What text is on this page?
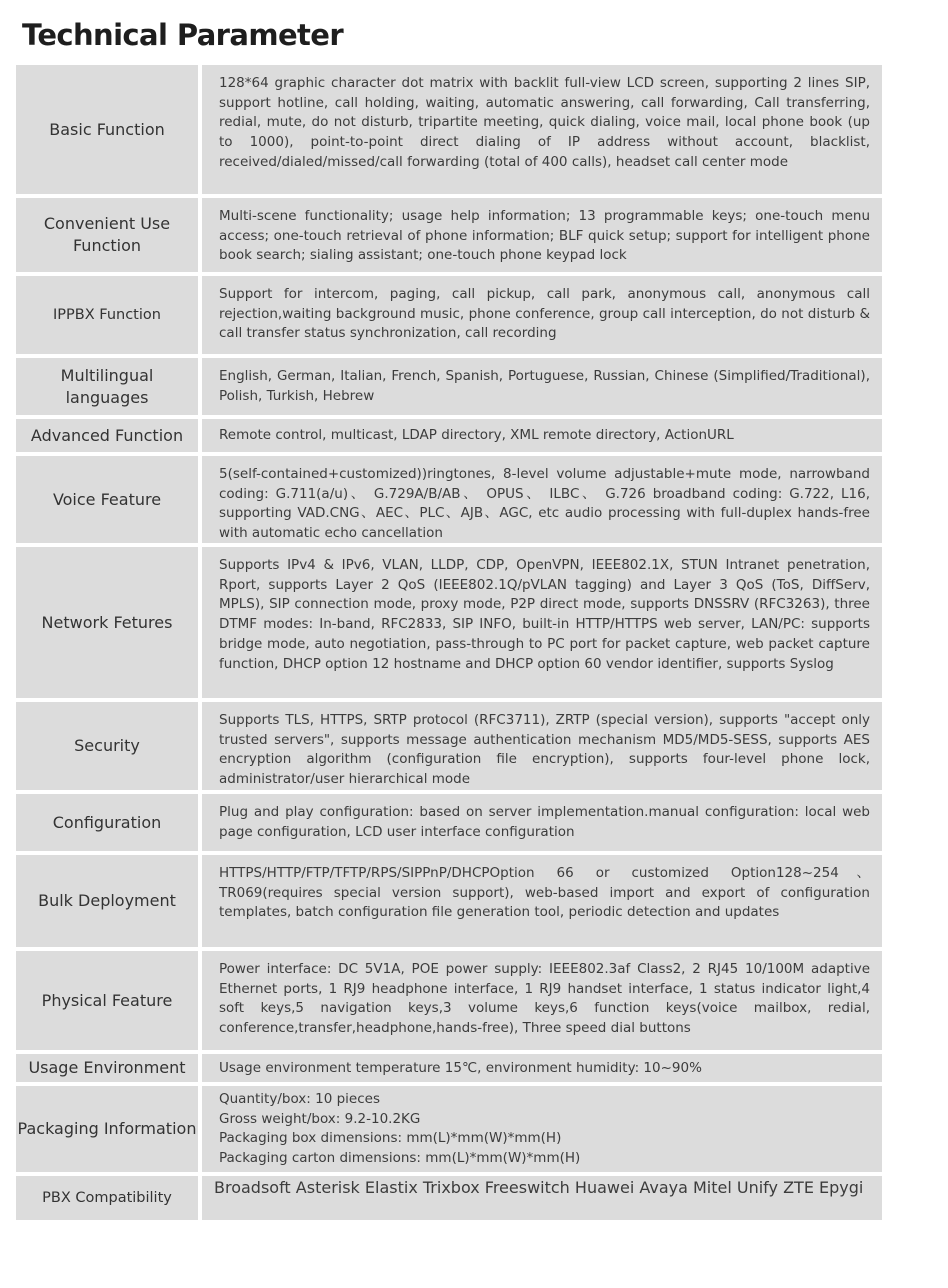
Technical Parameter
Basic Function
128*64 graphic character dot matrix with backlit full-view LCD screen, supporting 2 lines SIP, support hotline, call holding, waiting, automatic answering, call forwarding, Call transferring, redial, mute, do not disturb, tripartite meeting, quick dialing, voice mail, local phone book (up to 1000), point-to-point direct dialing of IP address without account, blacklist, received/dialed/missed/call forwarding (total of 400 calls), headset call center mode
Convenient Use Function
Multi-scene functionality; usage help information; 13 programmable keys; one-touch menu access; one-touch retrieval of phone information; BLF quick setup; support for intelligent phone book search; sialing assistant; one-touch phone keypad lock
IPPBX Function
Support for intercom, paging, call pickup, call park, anonymous call, anonymous call rejection,waiting background music, phone conference, group call interception, do not disturb & call transfer status synchronization, call recording
Multilingual languages
English, German, Italian, French, Spanish, Portuguese, Russian, Chinese (Simplified/Traditional), Polish, Turkish, Hebrew
Advanced Function	Remote control, multicast, LDAP directory, XML remote directory, ActionURL
Voice Feature
5(self-contained+customized))ringtones, 8-level volume adjustable+mute mode, narrowband coding: G.711(a/u)、 G.729A/B/AB、 OPUS、 ILBC、 G.726 broadband coding: G.722, L16, supporting VAD.CNG、AEC、PLC、AJB、AGC, etc audio processing with full-duplex hands-free with automatic echo cancellation
Network Fetures
Supports IPv4 & IPv6, VLAN, LLDP, CDP, OpenVPN, IEEE802.1X, STUN Intranet penetration, Rport, supports Layer 2 QoS (IEEE802.1Q/pVLAN tagging) and Layer 3 QoS (ToS, DiffServ, MPLS), SIP connection mode, proxy mode, P2P direct mode, supports DNSSRV (RFC3263), three DTMF modes: In-band, RFC2833, SIP INFO, built-in HTTP/HTTPS web server, LAN/PC: supports bridge mode, auto negotiation, pass-through to PC port for packet capture, web packet capture function, DHCP option 12 hostname and DHCP option 60 vendor identifier, supports Syslog
Security
Supports TLS, HTTPS, SRTP protocol (RFC3711), ZRTP (special version), supports "accept only trusted servers", supports message authentication mechanism MD5/MD5-SESS, supports AES encryption algorithm (configuration file encryption), supports four-level phone lock, administrator/user hierarchical mode
Configuration
Plug and play configuration: based on server implementation.manual configuration: local web page configuration, LCD user interface configuration
Bulk Deployment
HTTPS/HTTP/FTP/TFTP/RPS/SIPPnP/DHCPOption 66 or customized Option128~254、TR069(requires special version support), web-based import and export of configuration templates, batch configuration file generation tool, periodic detection and updates
Physical Feature
Power interface: DC 5V1A, POE power supply: IEEE802.3af Class2, 2 RJ45 10/100M adaptive Ethernet ports, 1 RJ9 headphone interface, 1 RJ9 handset interface, 1 status indicator light,4 soft keys,5 navigation keys,3 volume keys,6 function keys(voice mailbox, redial, conference,transfer,headphone,hands-free), Three speed dial buttons
Usage Environment	Usage environment temperature 15℃, environment humidity: 10~90%
Packaging Information
Quantity/box: 10 pieces
Gross weight/box: 9.2-10.2KG
Packaging box dimensions: mm(L)*mm(W)*mm(H)
Packaging carton dimensions: mm(L)*mm(W)*mm(H)
PBX Compatibility
Broadsoft Asterisk Elastix Trixbox Freeswitch Huawei Avaya Mitel Unify ZTE Epygi
